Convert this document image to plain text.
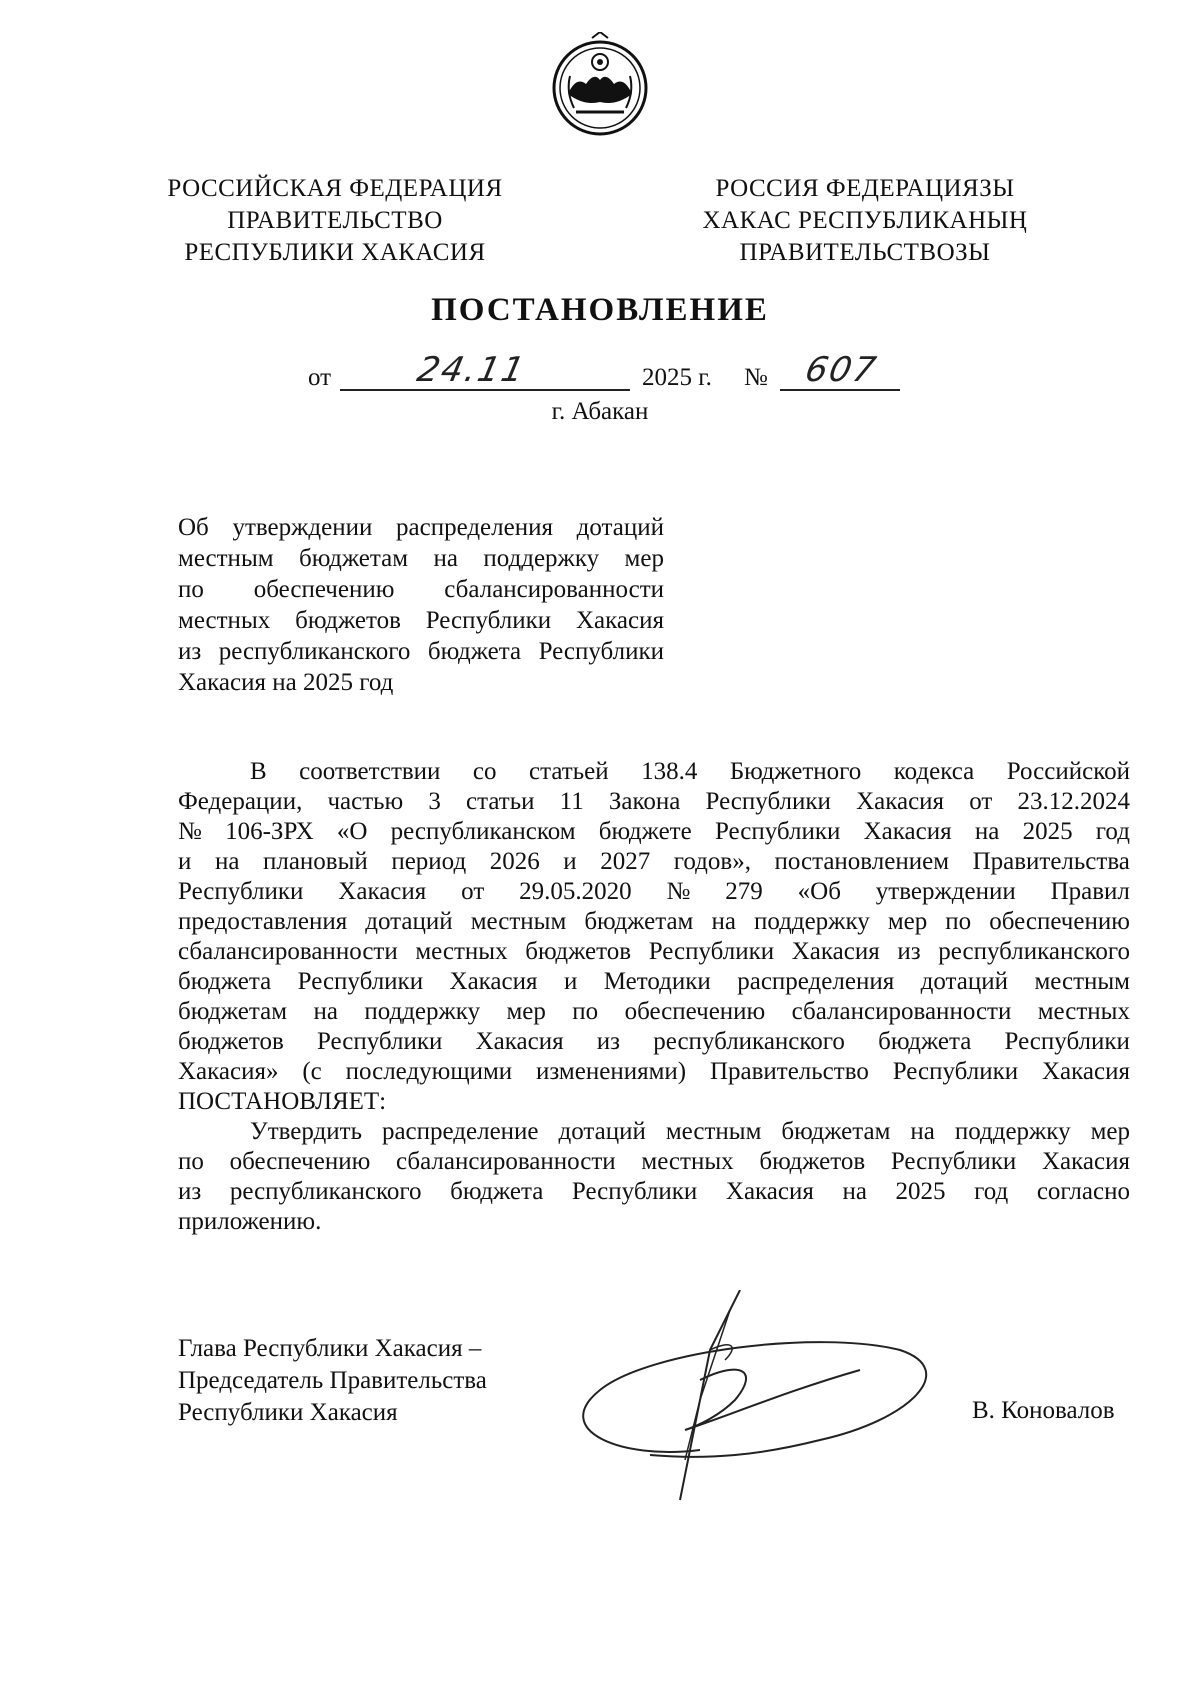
РОССИЙСКАЯ ФЕДЕРАЦИЯ
ПРАВИТЕЛЬСТВО
РЕСПУБЛИКИ ХАКАСИЯ
РОССИЯ ФЕДЕРАЦИЯЗЫ
ХАКАС РЕСПУБЛИКАНЫҢ
ПРАВИТЕЛЬСТВОЗЫ
ПОСТАНОВЛЕНИЕ
от 24.11	2025 г. № 607
г. Абакан
Об утверждении распределения дотаций
местным бюджетам на поддержку мер
по обеспечению сбалансированности
местных бюджетов Республики Хакасия
из республиканского бюджета Республики
Хакасия на 2025 год
В соответствии со статьей 138.4 Бюджетного кодекса Российской
Федерации, частью 3 статьи 11 Закона Республики Хакасия от 23.12.2024
№ 106-ЗРХ «О республиканском бюджете Республики Хакасия на 2025 год
и на плановый период 2026 и 2027 годов», постановлением Правительства
Республики Хакасия от 29.05.2020 № 279 «Об утверждении Правил
предоставления дотаций местным бюджетам на поддержку мер по обеспечению
сбалансированности местных бюджетов Республики Хакасия из республиканского
бюджета Республики Хакасия и Методики распределения дотаций местным
бюджетам на поддержку мер по обеспечению сбалансированности местных
бюджетов Республики Хакасия из республиканского бюджета Республики
Хакасия» (с последующими изменениями) Правительство Республики Хакасия
ПОСТАНОВЛЯЕТ:
Утвердить распределение дотаций местным бюджетам на поддержку мер
по обеспечению сбалансированности местных бюджетов Республики Хакасия
из республиканского бюджета Республики Хакасия на 2025 год согласно
приложению.
Глава Республики Хакасия –
Председатель Правительства
Республики Хакасия	В. Коновалов
